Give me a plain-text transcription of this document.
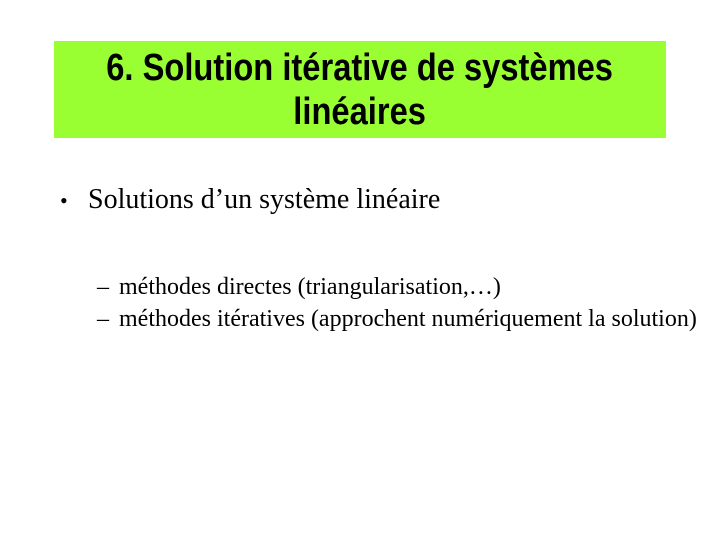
6. Solution itérative de systèmes
linéaires
• Solutions d’un système linéaire
– méthodes directes (triangularisation,…)
– méthodes itératives (approchent numériquement la solution)
